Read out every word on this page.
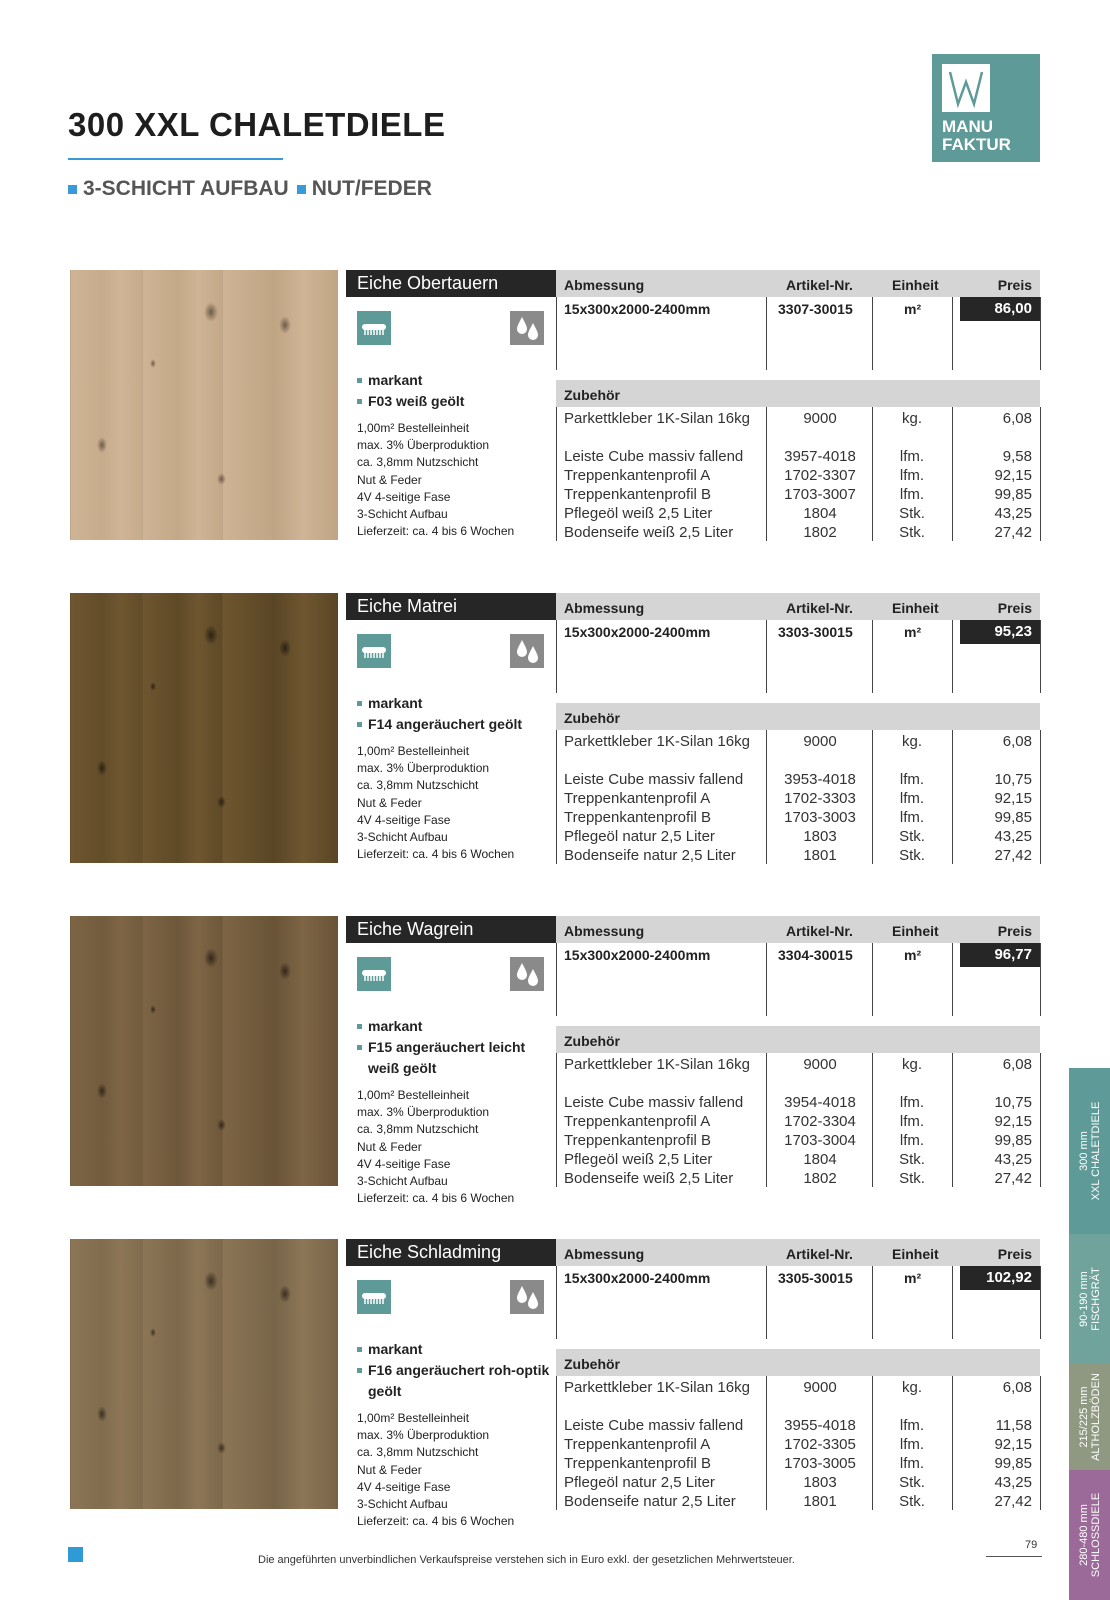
300 XXL CHALETDIELE
3-SCHICHT AUFBAU NUT/FEDER
MANU
FAKTUR
Eiche Obertauern
markant
F03 weiß geölt
1,00m² Bestelleinheit
max. 3% Überproduktion
ca. 3,8mm Nutzschicht
Nut & Feder
4V 4-seitige Fase
3-Schicht Aufbau
Lieferzeit: ca. 4 bis 6 Wochen
Abmessung	Artikel-Nr.	Einheit	Preis
15x300x2000-2400mm	3307-30015	m²	86,00
Zubehör
Parkettkleber 1K-Silan 16kg	9000	kg.	6,08
Leiste Cube massiv fallend	3957-4018	lfm.	9,58
Treppenkantenprofil A	1702-3307	lfm.	92,15
Treppenkantenprofil B	1703-3007	lfm.	99,85
Pflegeöl weiß 2,5 Liter	1804	Stk.	43,25
Bodenseife weiß 2,5 Liter	1802	Stk.	27,42
Eiche Matrei
markant
F14 angeräuchert geölt
1,00m² Bestelleinheit
max. 3% Überproduktion
ca. 3,8mm Nutzschicht
Nut & Feder
4V 4-seitige Fase
3-Schicht Aufbau
Lieferzeit: ca. 4 bis 6 Wochen
Abmessung	Artikel-Nr.	Einheit	Preis
15x300x2000-2400mm	3303-30015	m²	95,23
Zubehör
Parkettkleber 1K-Silan 16kg	9000	kg.	6,08
Leiste Cube massiv fallend	3953-4018	lfm.	10,75
Treppenkantenprofil A	1702-3303	lfm.	92,15
Treppenkantenprofil B	1703-3003	lfm.	99,85
Pflegeöl natur 2,5 Liter	1803	Stk.	43,25
Bodenseife natur 2,5 Liter	1801	Stk.	27,42
Eiche Wagrein
markant
F15 angeräuchert leicht weiß geölt
1,00m² Bestelleinheit
max. 3% Überproduktion
ca. 3,8mm Nutzschicht
Nut & Feder
4V 4-seitige Fase
3-Schicht Aufbau
Lieferzeit: ca. 4 bis 6 Wochen
Abmessung	Artikel-Nr.	Einheit	Preis
15x300x2000-2400mm	3304-30015	m²	96,77
Zubehör
Parkettkleber 1K-Silan 16kg	9000	kg.	6,08
Leiste Cube massiv fallend	3954-4018	lfm.	10,75
Treppenkantenprofil A	1702-3304	lfm.	92,15
Treppenkantenprofil B	1703-3004	lfm.	99,85
Pflegeöl weiß 2,5 Liter	1804	Stk.	43,25
Bodenseife weiß 2,5 Liter	1802	Stk.	27,42
Eiche Schladming
markant
F16 angeräuchert roh-optik geölt
1,00m² Bestelleinheit
max. 3% Überproduktion
ca. 3,8mm Nutzschicht
Nut & Feder
4V 4-seitige Fase
3-Schicht Aufbau
Lieferzeit: ca. 4 bis 6 Wochen
Abmessung	Artikel-Nr.	Einheit	Preis
15x300x2000-2400mm	3305-30015	m²	102,92
Zubehör
Parkettkleber 1K-Silan 16kg	9000	kg.	6,08
Leiste Cube massiv fallend	3955-4018	lfm.	11,58
Treppenkantenprofil A	1702-3305	lfm.	92,15
Treppenkantenprofil B	1703-3005	lfm.	99,85
Pflegeöl natur 2,5 Liter	1803	Stk.	43,25
Bodenseife natur 2,5 Liter	1801	Stk.	27,42
300 mm XXL CHALETDIELE
90-190 mm FISCHGRÄT
215/225 mm ALTHOLZBÖDEN
280-480 mm SCHLOSSDIELE
Die angeführten unverbindlichen Verkaufspreise verstehen sich in Euro exkl. der gesetzlichen Mehrwertsteuer.
79
